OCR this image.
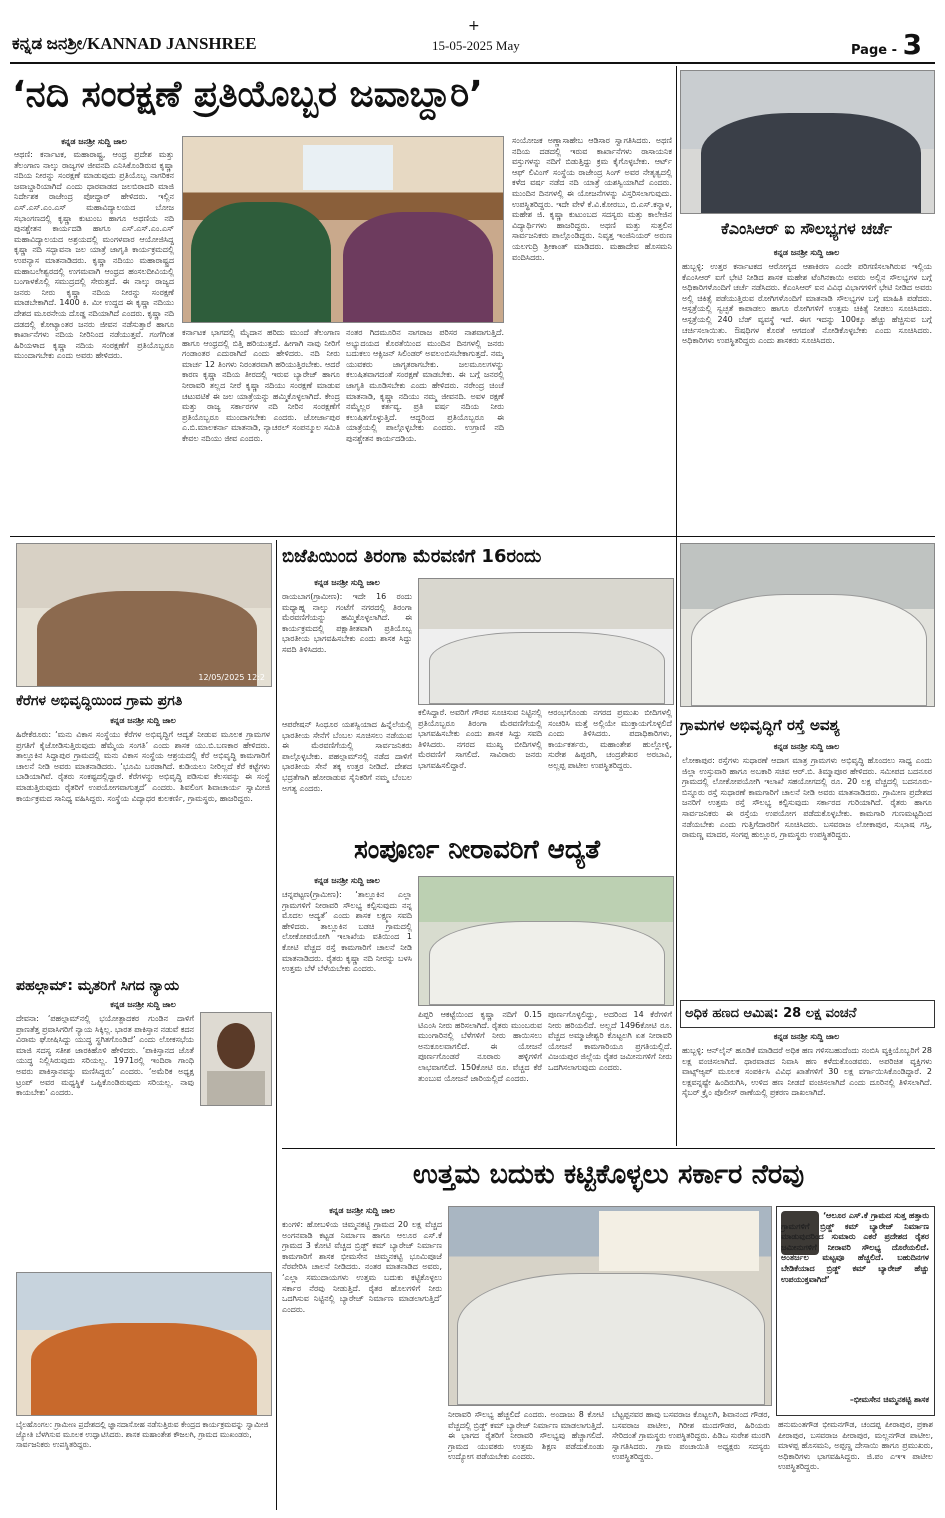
ಕನ್ನಡ ಜನಶ್ರೀ/KANNAD JANSHREE
+
15-05-2025 May	Page - 3
‘ನದಿ ಸಂರಕ್ಷಣೆ ಪ್ರತಿಯೊಬ್ಬರ ಜವಾಬ್ದಾರಿ’
ಕನ್ನಡ ಜನಶ್ರೀ ಸುದ್ದಿ ಜಾಲ
ಆಥಣಿ: ಕರ್ನಾಟಕ, ಮಹಾರಾಷ್ಟ್ರ, ಆಂಧ್ರ ಪ್ರದೇಶ ಮತ್ತು ತೆಲಂಗಾಣ ನಾಲ್ಕು ರಾಜ್ಯಗಳ ಜೀವನದಿ ಎನಿಸಿಕೊಂಡಿರುವ ಕೃಷ್ಣಾ ನದಿಯ ನೀರನ್ನು ಸಂರಕ್ಷಣೆ ಮಾಡುವುದು ಪ್ರತಿಯೊಬ್ಬ ನಾಗರಿಕನ ಜವಾಬ್ದಾರಿಯಾಗಿದೆ ಎಂದು ಧಾರವಾಡದ ಜಲಬಿರಾದರಿ ಮಾಜಿ ನಿರ್ದೇಶಕ ರಾಜೇಂದ್ರ ಪೋದ್ದಾರ್ ಹೇಳಿದರು. ಇಲ್ಲಿನ ಎಸ್.ಎಸ್.ಎಂ.ಎಸ್ ಮಹಾವಿದ್ಯಾಲಯದ ಬೋಜ ಸಭಾಂಗಣದಲ್ಲಿ ಕೃಷ್ಣಾ ಕುಟುಂಬ ಹಾಗೂ ಅಥಣಿಯ ನದಿ ಪುನಶ್ಚೇತನ ಕಾರ್ಯದಡಿ ಹಾಗೂ ಎಸ್.ಎಸ್.ಎಂ.ಎಸ್ ಮಹಾವಿದ್ಯಾಲಯದ ಅಶ್ರಯದಲ್ಲಿ ಮಂಗಳವಾರ ಆಯೋಜಿಸಿದ್ದ ಕೃಷ್ಣಾ ನದಿ ಸದ್ಭಾವನಾ ಜಲ ಯಾತ್ರೆ ಜಾಗೃತಿ ಕಾರ್ಯಕ್ರಮದಲ್ಲಿ ಉಪನ್ಯಾಸ ಮಾತನಾಡಿದರು. ಕೃಷ್ಣಾ ನದಿಯು ಮಹಾರಾಷ್ಟ್ರದ ಮಹಾಬಲೇಶ್ವರದಲ್ಲಿ ಉಗಮವಾಗಿ ಆಂಧ್ರದ ಹಂಸಲದೀವಿಯಲ್ಲಿ ಬಂಗಾಳಕೊಲ್ಲಿ ಸಮುದ್ರದಲ್ಲಿ ಸೇರುತ್ತದೆ. ಈ ನಾಲ್ಕು ರಾಜ್ಯದ ಜನರು ನೀರು ಕೃಷ್ಣಾ ನದಿಯ ನೀರನ್ನು ಸಂರಕ್ಷಣೆ ಮಾಡಬೇಕಾಗಿದೆ. 1400 ಕಿ. ಮೀ ಉದ್ದದ ಈ ಕೃಷ್ಣಾ ನದಿಯು ದೇಶದ ಮೂರನೇಯ ದೊಡ್ಡ ನದಿಯಾಗಿದೆ ಎಂದರು. ಕೃಷ್ಣಾ ನದಿ ದಡದಲ್ಲಿ ಕೋಟ್ಯಾಂತರ ಜನರು ಜೀವನ ನಡೆಸುತ್ತಾರೆ ಹಾಗೂ ಕಾರ್ಖಾನೆಗಳು ನದಿಯ ನೀರಿನಿಂದ ನಡೆಯುತ್ತವೆ. ಗಂಗೆಗಿಂತ ಹಿರಿಯಳಾದ ಕೃಷ್ಣಾ ನದಿಯ ಸಂರಕ್ಷಣೆಗೆ ಪ್ರತಿಯೊಬ್ಬರೂ ಮುಂದಾಗಬೇಕು ಎಂದು ಅವರು ಹೇಳಿದರು.
ಕರ್ನಾಟಕ ಭಾಗದಲ್ಲಿ ಮೈದಾನ ಹರಿದು ಮುಂದೆ ತೆಲಂಗಾಣ ಹಾಗೂ ಆಂಧ್ರದಲ್ಲಿ ಬಿತ್ತಿ ಹರಿಯುತ್ತದೆ. ಹೀಗಾಗಿ ನಾವು ನೀರಿಗೆ ಗಂಡಾಂತರ ಎದುರಾಗಿದೆ ಎಂದು ಹೇಳಿದರು. ನದಿ ನೀರು ಮಾರ್ಚ 12 ತಿಂಗಳು ನಿರಂತರವಾಗಿ ಹರಿಯುತ್ತಿರಬೇಕು. ಆದರೆ ಕಾರಣ ಕೃಷ್ಣಾ ನದಿಯ ತೀರದಲ್ಲಿ ಇರುವ ಬ್ಯಾರೇಜ್ ಹಾಗೂ ನೀರಾವರಿ ತಲ್ಲದ ನೀರೆ ಕೃಷ್ಣಾ ನದಿಯು ಸಂರಕ್ಷಣೆ ಮಾಡುವ ಚಟುವಟಿಕೆ ಈ ಜಲ ಯಾತ್ರೆಯನ್ನು ಹಮ್ಮಿಕೊಳ್ಳಲಾಗಿದೆ. ಕೇಂದ್ರ ಮತ್ತು ರಾಜ್ಯ ಸರ್ಕಾರಗಳ ನದಿ ನೀರಿನ ಸಂರಕ್ಷಣೆಗೆ ಪ್ರತಿಯೊಬ್ಬರೂ ಮುಂದಾಗಬೇಕು ಎಂದರು. ಜೋರ್ಜಾಪುರ ಎ.ಬಿ.ಮಾಲಕರ್ನಾ ಮಾತನಾಡಿ, ನ್ಯಾಚರಲ್ ಸಂಪನ್ಮೂಲ ಸಮಿತಿ ಕೇವಲ ನದಿಯು ಜೀವ ಎಂದರು.
ನಂತರ ಗಿದಮೂರಿನ ನಾಗರಾಜ ಪರಿಸರ ನಾಶವಾಗುತ್ತಿದೆ. ಅಭ್ಯುದಯದ ಕೊರತೆಯಿಂದ ಮುಂದಿನ ದಿನಗಳಲ್ಲಿ ಜನರು ಬದುಕಲು ಆಕ್ಸಿಜನ್ ಸಿಲಿಂಡರ್ ಅವಲಂಬಿಸಬೇಕಾಗುತ್ತದೆ. ನಮ್ಮ ಯುವಕರು ಜಾಗೃತರಾಗಬೇಕು. ಜಲಮೂಲಗಳನ್ನು ಕಲುಷಿತವಾಗದಂತೆ ಸಂರಕ್ಷಣೆ ಮಾಡಬೇಕು. ಈ ಬಗ್ಗೆ ಜನರಲ್ಲಿ ಜಾಗೃತಿ ಮೂಡಿಸಬೇಕು ಎಂದು ಹೇಳಿದರು. ನರೇಂದ್ರ ಚಿಂಚೆ ಮಾತನಾಡಿ, ಕೃಷ್ಣಾ ನದಿಯು ನಮ್ಮ ಜೀವನದಿ. ಅವಳ ರಕ್ಷಣೆ ನಮ್ಮೆಲ್ಲರ ಕರ್ತವ್ಯ. ಪ್ರತಿ ವರ್ಷ ನದಿಯ ನೀರು ಕಲುಷಿತಗೊಳ್ಳುತ್ತಿದೆ. ಆದ್ದರಿಂದ ಪ್ರತಿಯೊಬ್ಬರೂ ಈ ಯಾತ್ರೆಯಲ್ಲಿ ಪಾಲ್ಗೊಳ್ಳಬೇಕು ಎಂದರು. ಉಗ್ರಾಣಿ ನದಿ ಪುನಶ್ಚೇತನ ಕಾರ್ಯದಡಿಯ.
ಸಂಯೋಜಕ ಅಣ್ಣಾಸಾಹೇಬ ಆಡಿಸಾರ ಸ್ವಾಗತಿಸಿದರು. ಅಥಣಿ ನದಿಯ ದಡದಲ್ಲಿ ಇರುವ ಕಾರ್ಖಾನೆಗಳು ರಾಸಾಯನಿಕ ವಸ್ತುಗಳನ್ನು ನದಿಗೆ ಬಿಡುತ್ತಿದ್ದು ಕ್ರಮ ಕೈಗೊಳ್ಳಬೇಕು. ಆರ್ಟ್ ಆಫ್ ಲಿವಿಂಗ್ ಸಂಸ್ಥೆಯ ರಾಜೇಂದ್ರ ಸಿಂಗ್ ಅವರ ನೇತೃತ್ವದಲ್ಲಿ ಕಳೆದ ವರ್ಷ ನಡೆದ ನದಿ ಯಾತ್ರೆ ಯಶಸ್ವಿಯಾಗಿದೆ ಎಂದರು. ಮುಂದಿನ ದಿನಗಳಲ್ಲಿ ಈ ಯೋಜನೆಗಳನ್ನು ವಿಸ್ತರಿಸಲಾಗುವುದು. ಉಪಸ್ಥಿತರಿದ್ದರು. ಇದೇ ವೇಳೆ ಕೆ.ವಿ.ಕೋರಬು, ಬಿ.ಎಸ್.ಕನ್ನಾಳ, ಮಹೇಶ ಜಿ. ಕೃಷ್ಣಾ ಕುಟುಂಬದ ಸದಸ್ಯರು ಮತ್ತು ಕಾಲೇಜಿನ ವಿದ್ಯಾರ್ಥಿಗಳು ಹಾಜರಿದ್ದರು. ಅಥಣಿ ಮತ್ತು ಸುತ್ತಲಿನ ಸಾರ್ವಜನಿಕರು ಪಾಲ್ಗೊಂಡಿದ್ದರು. ನಿವೃತ್ತ ಇಂಜಿನಿಯರ್ ಅರುಣ ಯಲಗುದ್ರಿ ಶ್ರೀಕಾಂತ್ ಮಾಡಿದರು. ಮಹಾದೇವ ಹೊಸಮನಿ ವಂದಿಸಿದರು.
ಕೆಎಂಸಿಆರ್ ಐ ಸೌಲಭ್ಯಗಳ ಚರ್ಚೆ
ಕನ್ನಡ ಜನಶ್ರೀ ಸುದ್ದಿ ಜಾಲ
ಹುಬ್ಬಳ್ಳಿ: ಉತ್ತರ ಕರ್ನಾಟಕದ ಆರೋಗ್ಯದ ಆಶಾಕಿರಣ ಎಂದೇ ಪರಿಗಣಿಸಲಾಗಿರುವ ಇಲ್ಲಿಯ ಕೆಎಂಸಿಆರ್ ಐಗೆ ಭೇಟಿ ನೀಡಿದ ಶಾಸಕ ಮಹೇಶ ಟೆಂಗಿನಕಾಯಿ ಅವರು ಅಲ್ಲಿನ ಸೌಲಭ್ಯಗಳ ಬಗ್ಗೆ ಅಧಿಕಾರಿಗಳೊಂದಿಗೆ ಚರ್ಚೆ ನಡೆಸಿದರು. ಕೆಎಂಸಿಆರ್ ಐನ ವಿವಿಧ ವಿಭಾಗಗಳಿಗೆ ಭೇಟಿ ನೀಡಿದ ಅವರು ಅಲ್ಲಿ ಚಿಕಿತ್ಸೆ ಪಡೆಯುತ್ತಿರುವ ರೋಗಿಗಳೊಂದಿಗೆ ಮಾತನಾಡಿ ಸೌಲಭ್ಯಗಳ ಬಗ್ಗೆ ಮಾಹಿತಿ ಪಡೆದರು. ಆಸ್ಪತ್ರೆಯಲ್ಲಿ ಸ್ವಚ್ಛತೆ ಕಾಪಾಡಲು ಹಾಗೂ ರೋಗಿಗಳಿಗೆ ಉತ್ತಮ ಚಿಕಿತ್ಸೆ ನೀಡಲು ಸೂಚಿಸಿದರು. ಆಸ್ಪತ್ರೆಯಲ್ಲಿ 240 ಬೆಡ್ ವ್ಯವಸ್ಥೆ ಇದೆ. ಈಗ ಇದನ್ನು 100ಕ್ಕೂ ಹೆಚ್ಚು ಹೆಚ್ಚಿಸುವ ಬಗ್ಗೆ ಚರ್ಚಿಸಲಾಯಿತು. ಔಷಧಿಗಳ ಕೊರತೆ ಆಗದಂತೆ ನೋಡಿಕೊಳ್ಳಬೇಕು ಎಂದು ಸೂಚಿಸಿದರು. ಅಧಿಕಾರಿಗಳು ಉಪಸ್ಥಿತರಿದ್ದರು ಎಂದು ಶಾಸಕರು ಸೂಚಿಸಿದರು.
12/05/2025 12:2
ಕೆರೆಗಳ ಅಭಿವೃದ್ಧಿಯಿಂದ ಗ್ರಾಮ ಪ್ರಗತಿ
ಕನ್ನಡ ಜನಶ್ರೀ ಸುದ್ದಿ ಜಾಲ
ಹಿರೇಕೆರೂರು: ‘ಮನು ವಿಕಾಸ ಸಂಸ್ಥೆಯು ಕೆರೆಗಳ ಅಭಿವೃದ್ಧಿಗೆ ಆದ್ಯತೆ ನೀಡುವ ಮೂಲಕ ಗ್ರಾಮಗಳ ಪ್ರಗತಿಗೆ ಕೈಜೋಡಿಸುತ್ತಿರುವುದು ಹೆಮ್ಮೆಯ ಸಂಗತಿ’ ಎಂದು ಶಾಸಕ ಯು.ಬಿ.ಬಣಕಾರ ಹೇಳಿದರು. ತಾಲ್ಲೂಕಿನ ಸಿದ್ದಾಪುರ ಗ್ರಾಮದಲ್ಲಿ ಮನು ವಿಕಾಸ ಸಂಸ್ಥೆಯ ಆಶ್ರಯದಲ್ಲಿ ಕೆರೆ ಅಭಿವೃದ್ಧಿ ಕಾಮಗಾರಿಗೆ ಚಾಲನೆ ನೀಡಿ ಅವರು ಮಾತನಾಡಿದರು. ‘ಭೂಮಿ ಬರಡಾಗಿದೆ. ಕುಡಿಯಲು ನೀರಿಲ್ಲದೆ ಕೆರೆ ಕಟ್ಟೆಗಳು ಬಾಡಿಯಾಗಿವೆ. ರೈತರು ಸಂಕಷ್ಟದಲ್ಲಿದ್ದಾರೆ. ಕೆರೆಗಳನ್ನು ಅಭಿವೃದ್ಧಿ ಪಡಿಸುವ ಕೆಲಸವನ್ನು ಈ ಸಂಸ್ಥೆ ಮಾಡುತ್ತಿರುವುದು ರೈತರಿಗೆ ಉಪಯೋಗವಾಗುತ್ತದೆ’ ಎಂದರು. ಶಿವಲಿಂಗ ಶಿವಾಚಾರ್ಯ ಸ್ವಾಮೀಜಿ ಕಾರ್ಯಕ್ರಮದ ಸಾನಿಧ್ಯ ವಹಿಸಿದ್ದರು. ಸಂಸ್ಥೆಯ ವಿದ್ಯಾಧರ ಕುಲಕರ್ಣಿ, ಗ್ರಾಮಸ್ಥರು, ಹಾಜರಿದ್ದರು.
ಪಹಲ್ಗಾಮ್: ಮೃತರಿಗೆ ಸಿಗದ ನ್ಯಾಯ
ಕನ್ನಡ ಜನಶ್ರೀ ಸುದ್ದಿ ಜಾಲ
ದೇವನಾ: ‘ಪಹಲ್ಗಾಮ್‌ನಲ್ಲಿ ಭಯೋತ್ಪಾದಕರ ಗುಂಡಿನ ದಾಳಿಗೆ ಪ್ರಾಣತೆತ್ತ ಪ್ರವಾಸಿಗರಿಗೆ ನ್ಯಾಯ ಸಿಕ್ಕಿಲ್ಲ. ಭಾರತ ಪಾಕಿಸ್ತಾನ ನಡುವೆ ಕದನ ವಿರಾಮ ಘೋಷಿಸಿದ್ದು ಯುದ್ಧ ಸ್ಥಗಿತಗೊಂಡಿದೆ’ ಎಂದು ಲೋಕಸಭೆಯ ಮಾಜಿ ಸದಸ್ಯ ಸತೀಶ ಜಾರಕಿಹೊಳಿ ಹೇಳಿದರು. ‘ಪಾಕಿಸ್ತಾನದ ಜೊತೆ ಯುದ್ಧ ನಿಲ್ಲಿಸಿರುವುದು ಸರಿಯಲ್ಲ. 1971ರಲ್ಲಿ ಇಂದಿರಾ ಗಾಂಧಿ ಅವರು ಪಾಕಿಸ್ತಾನವನ್ನು ಮಣಿಸಿದ್ದರು’ ಎಂದರು. ‘ಅಮೆರಿಕ ಅಧ್ಯಕ್ಷ ಟ್ರಂಪ್ ಅವರ ಮಧ್ಯಸ್ಥಿಕೆ ಒಪ್ಪಿಕೊಂಡಿರುವುದು ಸರಿಯಲ್ಲ. ನಾವು ಕಾಯಬೇಕು’ ಎಂದರು.
ಬೈಲಹೊಂಗಲ: ಗ್ರಾಮೀಣ ಪ್ರದೇಶದಲ್ಲಿ ಜ್ಞಾನದಾಸೋಹ ನಡೆಸುತ್ತಿರುವ ಕೇಂದ್ರದ ಕಾರ್ಯಕ್ರಮವನ್ನು ಸ್ವಾಮೀಜಿ ಜ್ಯೋತಿ ಬೆಳಗಿಸುವ ಮೂಲಕ ಉದ್ಘಾಟಿಸಿದರು. ಶಾಸಕ ಮಹಾಂತೇಶ ಕೌಜಲಗಿ, ಗ್ರಾಮದ ಮುಖಂಡರು, ಸಾರ್ವಜನಿಕರು ಉಪಸ್ಥಿತರಿದ್ದರು.
ಬಿಜೆಪಿಯಿಂದ ತಿರಂಗಾ ಮೆರವಣಿಗೆ 16ರಂದು
ಕನ್ನಡ ಜನಶ್ರೀ ಸುದ್ದಿ ಜಾಲ
ರಾಯಬಾಗ(ಗ್ರಾಮೀಣ): ಇದೇ 16 ರಂದು ಮಧ್ಯಾಹ್ನ ನಾಲ್ಕು ಗಂಟೆಗೆ ನಗರದಲ್ಲಿ ತಿರಂಗಾ ಮೆರವಣಿಗೆಯನ್ನು ಹಮ್ಮಿಕೊಳ್ಳಲಾಗಿದೆ. ಈ ಕಾರ್ಯಕ್ರಮದಲ್ಲಿ ಪಕ್ಷಾತೀತವಾಗಿ ಪ್ರತಿಯೊಬ್ಬ ಭಾರತೀಯ ಭಾಗವಹಿಸಬೇಕು ಎಂದು ಶಾಸಕ ಸಿದ್ದು ಸವದಿ ತಿಳಿಸಿದರು.
ಆಪರೇಷನ್ ಸಿಂಧೂರ ಯಶಸ್ವಿಯಾದ ಹಿನ್ನೆಲೆಯಲ್ಲಿ ಭಾರತೀಯ ಸೇನೆಗೆ ಬೆಂಬಲ ಸೂಚಿಸಲು ನಡೆಯುವ ಈ ಮೆರವಣಿಗೆಯಲ್ಲಿ ಸಾರ್ವಜನಿಕರು ಪಾಲ್ಗೊಳ್ಳಬೇಕು. ಪಹಲ್ಗಾಮ್‌ನಲ್ಲಿ ನಡೆದ ದಾಳಿಗೆ ಭಾರತೀಯ ಸೇನೆ ತಕ್ಕ ಉತ್ತರ ನೀಡಿದೆ. ದೇಶದ ಭದ್ರತೆಗಾಗಿ ಹೋರಾಡುವ ಸೈನಿಕರಿಗೆ ನಮ್ಮ ಬೆಂಬಲ ಅಗತ್ಯ ಎಂದರು.
ಕಲಿಸಿದ್ದಾರೆ. ಅವರಿಗೆ ಗೌರವ ಸೂಚಿಸುವ ನಿಟ್ಟಿನಲ್ಲಿ ಪ್ರತಿಯೊಬ್ಬರೂ ತಿರಂಗಾ ಮೆರವಣಿಗೆಯಲ್ಲಿ ಭಾಗವಹಿಸಬೇಕು ಎಂದು ಶಾಸಕ ಸಿದ್ದು ಸವದಿ ತಿಳಿಸಿದರು. ನಗರದ ಮುಖ್ಯ ಬೀದಿಗಳಲ್ಲಿ ಮೆರವಣಿಗೆ ಸಾಗಲಿದೆ. ಸಾವಿರಾರು ಜನರು ಭಾಗವಹಿಸಲಿದ್ದಾರೆ.
ಆರಂಭಗೊಂಡು ನಗರದ ಪ್ರಮುಖ ಬೀದಿಗಳಲ್ಲಿ ಸಂಚರಿಸಿ ಮತ್ತೆ ಅಲ್ಲಿಯೇ ಮುಕ್ತಾಯಗೊಳ್ಳಲಿದೆ ಎಂದು ತಿಳಿಸಿದರು. ಪದಾಧಿಕಾರಿಗಳು, ಕಾರ್ಯಕರ್ತರು, ಮಹಾಂತೇಶ ಹುಲ್ಲೋಳ್ಳಿ, ಸುರೇಶ ಹಿಪ್ಪರಗಿ, ಚಂದ್ರಶೇಖರ ಅರಬಾವಿ, ಅಲ್ಲಪ್ಪ ಪಾಟೀಲ ಉಪಸ್ಥಿತರಿದ್ದರು.
ಗ್ರಾಮಗಳ ಅಭಿವೃದ್ಧಿಗೆ ರಸ್ತೆ ಅವಶ್ಯ
ಕನ್ನಡ ಜನಶ್ರೀ ಸುದ್ದಿ ಜಾಲ
ಲೋಕಾಪುರ: ರಸ್ತೆಗಳು ಸುಧಾರಣೆ ಆದಾಗ ಮಾತ್ರ ಗ್ರಾಮಗಳು ಅಭಿವೃದ್ಧಿ ಹೊಂದಲು ಸಾಧ್ಯ ಎಂದು ಜಿಲ್ಲಾ ಉಸ್ತುವಾರಿ ಹಾಗೂ ಅಬಕಾರಿ ಸಚಿವ ಆರ್.ಬಿ. ತಿಮ್ಮಾಪೂರ ಹೇಳಿದರು. ಸಮೀಪದ ಬದನೂರ ಗ್ರಾಮದಲ್ಲಿ ಲೋಕೋಪಯೋಗಿ ಇಲಾಖೆ ಸಹಯೋಗದಲ್ಲಿ ರೂ. 20 ಲಕ್ಷ ವೆಚ್ಚದಲ್ಲಿ ಬದನೂರು-ಬಿನ್ನೂರು ರಸ್ತೆ ಸುಧಾರಣೆ ಕಾಮಗಾರಿಗೆ ಚಾಲನೆ ನೀಡಿ ಅವರು ಮಾತನಾಡಿದರು. ಗ್ರಾಮೀಣ ಪ್ರದೇಶದ ಜನರಿಗೆ ಉತ್ತಮ ರಸ್ತೆ ಸೌಲಭ್ಯ ಕಲ್ಪಿಸುವುದು ಸರ್ಕಾರದ ಗುರಿಯಾಗಿದೆ. ರೈತರು ಹಾಗೂ ಸಾರ್ವಜನಿಕರು ಈ ರಸ್ತೆಯ ಉಪಯೋಗ ಪಡೆದುಕೊಳ್ಳಬೇಕು. ಕಾಮಗಾರಿ ಗುಣಮಟ್ಟದಿಂದ ನಡೆಯಬೇಕು ಎಂದು ಗುತ್ತಿಗೆದಾರರಿಗೆ ಸೂಚಿಸಿದರು. ಬಸವರಾಜ ಲೋಕಾಪುರ, ಸುಭಾಷ ಗಸ್ತಿ, ರಾಮಣ್ಣ ಮಾದರ, ಸಂಗಪ್ಪ ಹುಲ್ಲೂರ, ಗ್ರಾಮಸ್ಥರು ಉಪಸ್ಥಿತರಿದ್ದರು.
ಸಂಪೂರ್ಣ ನೀರಾವರಿಗೆ ಆದ್ಯತೆ
ಕನ್ನಡ ಜನಶ್ರೀ ಸುದ್ದಿ ಜಾಲ
ಚನ್ನಪಟ್ಟಣ(ಗ್ರಾಮೀಣ): ‘ತಾಲ್ಲೂಕಿನ ಎಲ್ಲಾ ಗ್ರಾಮಗಳಿಗೆ ನೀರಾವರಿ ಸೌಲಭ್ಯ ಕಲ್ಪಿಸುವುದು ನನ್ನ ಮೊದಲ ಆದ್ಯತೆ’ ಎಂದು ಶಾಸಕ ಲಕ್ಷ್ಮಣ ಸವದಿ ಹೇಳಿದರು. ತಾಲ್ಲೂಕಿನ ಬಡಚಿ ಗ್ರಾಮದಲ್ಲಿ ಲೋಕೋಪಯೋಗಿ ಇಲಾಖೆಯ ವತಿಯಿಂದ 1 ಕೋಟಿ ವೆಚ್ಚದ ರಸ್ತೆ ಕಾಮಗಾರಿಗೆ ಚಾಲನೆ ನೀಡಿ ಮಾತನಾಡಿದರು. ರೈತರು ಕೃಷ್ಣಾ ನದಿ ನೀರನ್ನು ಬಳಸಿ ಉತ್ತಮ ಬೆಳೆ ಬೆಳೆಯಬೇಕು ಎಂದರು.
ಪಿಪ್ಪರಿ ಆಕಟ್ಟೆಯಿಂದ ಕೃಷ್ಣಾ ನದಿಗೆ 0.15 ಟಿಎಂಸಿ ನೀರು ಹರಿಸಲಾಗಿದೆ. ರೈತರು ಮುಂಬರುವ ಮುಂಗಾರಿನಲ್ಲಿ ಬೆಳೆಗಳಿಗೆ ನೀರು ಹಾಯಿಸಲು ಅನುಕೂಲವಾಗಲಿದೆ. ಈ ಯೋಜನೆ ಪೂರ್ಣಗೊಂಡರೆ ನೂರಾರು ಹಳ್ಳಿಗಳಿಗೆ ಲಾಭವಾಗಲಿದೆ. 150ಕೋಟಿ ರೂ. ವೆಚ್ಚದ ಕೆರೆ ತುಂಬುವ ಯೋಜನೆ ಜಾರಿಯಲ್ಲಿದೆ ಎಂದರು.
ಪೂರ್ಣಗೊಳ್ಳಲಿದ್ದು, ಅದರಿಂದ 14 ಕೆರೆಗಳಿಗೆ ನೀರು ಹರಿಯಲಿದೆ. ಅಲ್ಲದೆ 1496ಕೋಟಿ ರೂ. ವೆಚ್ಚದ ಅಮ್ಮಾಜೇಶ್ವರಿ ಕೊಟ್ಟಲಗಿ ಏತ ನೀರಾವರಿ ಯೋಜನೆ ಕಾಮಗಾರಿಯೂ ಪ್ರಗತಿಯಲ್ಲಿದೆ. ವಿಜಯಪುರ ಜಿಲ್ಲೆಯ ರೈತರ ಜಮೀನುಗಳಿಗೆ ನೀರು ಒದಗಿಸಲಾಗುವುದು ಎಂದರು.
ಅಧಿಕ ಹಣದ ಆಮಿಷ: 28 ಲಕ್ಷ ವಂಚನೆ
ಕನ್ನಡ ಜನಶ್ರೀ ಸುದ್ದಿ ಜಾಲ
ಹುಬ್ಬಳ್ಳಿ: ಆನ್‌ಲೈನ್ ಹೂಡಿಕೆ ಮಾಡಿದರೆ ಅಧಿಕ ಹಣ ಗಳಿಸಬಹುದೆಂದು ನಂಬಿಸಿ ವ್ಯಕ್ತಿಯೊಬ್ಬರಿಗೆ 28 ಲಕ್ಷ ವಂಚಿಸಲಾಗಿದೆ. ಧಾರವಾಡದ ನಿವಾಸಿ ಹಣ ಕಳೆದುಕೊಂಡವರು. ಅಪರಿಚಿತ ವ್ಯಕ್ತಿಗಳು ವಾಟ್ಸ್‌ಆ್ಯಪ್ ಮೂಲಕ ಸಂಪರ್ಕಿಸಿ ವಿವಿಧ ಖಾತೆಗಳಿಗೆ 30 ಲಕ್ಷ ವರ್ಗಾಯಿಸಿಕೊಂಡಿದ್ದಾರೆ. 2 ಲಕ್ಷವನ್ನಷ್ಟೇ ಹಿಂದಿರುಗಿಸಿ, ಉಳಿದ ಹಣ ನೀಡದೆ ವಂಚಿಸಲಾಗಿದೆ ಎಂದು ದೂರಿನಲ್ಲಿ ತಿಳಿಸಲಾಗಿದೆ. ಸೈಬರ್ ಕ್ರೈಂ ಪೊಲೀಸ್ ಠಾಣೆಯಲ್ಲಿ ಪ್ರಕರಣ ದಾಖಲಾಗಿದೆ.
ಉತ್ತಮ ಬದುಕು ಕಟ್ಟಿಕೊಳ್ಳಲು ಸರ್ಕಾರ ನೆರವು
ಕನ್ನಡ ಜನಶ್ರೀ ಸುದ್ದಿ ಜಾಲ
ಕುಂಗಳಿ: ಹೋಬಳಿಯ ಚಿಮ್ಮನಕಟ್ಟಿ ಗ್ರಾಮದ 20 ಲಕ್ಷ ವೆಚ್ಚದ ಅಂಗನವಾಡಿ ಕಟ್ಟಡ ನಿರ್ಮಾಣ ಹಾಗೂ ಆಲೂರ ಎಸ್.ಕೆ ಗ್ರಾಮದ 3 ಕೋಟಿ ವೆಚ್ಚದ ಬ್ರಿಡ್ಜ್ ಕಮ್ ಬ್ಯಾರೇಜ್ ನಿರ್ಮಾಣ ಕಾಮಗಾರಿಗೆ ಶಾಸಕ ಭೀಮಸೇನ ಚಿಮ್ಮನಕಟ್ಟಿ ಭೂಮಿಪೂಜೆ ನೆರವೇರಿಸಿ ಚಾಲನೆ ನೀಡಿದರು. ನಂತರ ಮಾತನಾಡಿದ ಅವರು, ‘ಎಲ್ಲಾ ಸಮುದಾಯಗಳು ಉತ್ತಮ ಬದುಕು ಕಟ್ಟಿಕೊಳ್ಳಲು ಸರ್ಕಾರ ನೆರವು ನೀಡುತ್ತಿದೆ. ರೈತರ ಹೊಲಗಳಿಗೆ ನೀರು ಒದಗಿಸುವ ನಿಟ್ಟಿನಲ್ಲಿ ಬ್ಯಾರೇಜ್ ನಿರ್ಮಾಣ ಮಾಡಲಾಗುತ್ತಿದೆ’ ಎಂದರು.
ನೀರಾವರಿ ಸೌಲಭ್ಯ ಹೆಚ್ಚಲಿದೆ ಎಂದರು. ಅಂದಾಜು 8 ಕೋಟಿ ವೆಚ್ಚದಲ್ಲಿ ಬ್ರಿಡ್ಜ್ ಕಮ್ ಬ್ಯಾರೇಜ್ ನಿರ್ಮಾಣ ಮಾಡಲಾಗುತ್ತಿದೆ. ಈ ಭಾಗದ ರೈತರಿಗೆ ನೀರಾವರಿ ಸೌಲಭ್ಯವು ಹೆಚ್ಚಾಗಲಿದೆ. ಗ್ರಾಮದ ಯುವಕರು ಉತ್ತಮ ಶಿಕ್ಷಣ ಪಡೆದುಕೊಂಡು ಉದ್ಯೋಗ ಪಡೆಯಬೇಕು ಎಂದರು.
ಬೆಟ್ಟಪ್ಪನವರ ಹಾವು ಬಸವರಾಜ ಕೊಟ್ಟಲಗಿ, ಶಿವಾನಂದ ಗೌಡರ, ಬಸವರಾಜ ಪಾಟೀಲ, ಗಿರೀಶ ಮುದಗೌಡರ, ಹಿರಿಯರು ಸೇರಿದಂತೆ ಗ್ರಾಮಸ್ಥರು ಉಪಸ್ಥಿತರಿದ್ದರು. ಪಿಡಿಒ ಸುರೇಶ ಮುರಗಿ ಸ್ವಾಗತಿಸಿದರು. ಗ್ರಾಮ ಪಂಚಾಯಿತಿ ಅಧ್ಯಕ್ಷರು ಸದಸ್ಯರು ಉಪಸ್ಥಿತರಿದ್ದರು.
‘ಆಲೂರ ಎಸ್.ಕೆ ಗ್ರಾಮದ ಸುತ್ತ ಹತ್ತಾರು ಗ್ರಾಮಗಳಿಗೆ ಬ್ರಿಡ್ಜ್ ಕಮ್ ಬ್ಯಾರೇಜ್ ನಿರ್ಮಾಣ ಮಾಡುವುದರಿಂದ ಸುಮಾರು ಎಕರೆ ಪ್ರದೇಶದ ರೈತರ ಜಮೀನುಗಳಿಗೆ ನೀರಾವರಿ ಸೌಲಭ್ಯ ದೊರೆಯಲಿದೆ. ಅಂತರ್ಜಲ ಮಟ್ಟವೂ ಹೆಚ್ಚಲಿದೆ. ಬಹುದಿನಗಳ ಬೇಡಿಕೆಯಾದ ಬ್ರಿಡ್ಜ್ ಕಮ್ ಬ್ಯಾರೇಜ್ ಹೆಚ್ಚು ಉಪಯುಕ್ತವಾಗಿದೆ’
–ಭೀಮಸೇನ ಚಿಮ್ಮನಕಟ್ಟಿ ಶಾಸಕ
ಹನುಮಂತಗೌಡ ಭೀಮನಗೌಡ, ಚಂದಪ್ಪ ಪೀರಾಪುರ, ಪ್ರಕಾಶ ಪೀರಾಪುರ, ಬಸವರಾಜ ಪೀರಾಪುರ, ಮಲ್ಲನಗೌಡ ಪಾಟೀಲ, ಮಾಳಪ್ಪ ಹೊಸಮನಿ, ಅಪ್ಪಣ್ಣ ದೇಸಾಯಿ ಹಾಗೂ ಪ್ರಮುಖರು, ಅಧಿಕಾರಿಗಳು ಭಾಗವಹಿಸಿದ್ದರು. ಜಿ.ಪಂ ಎಇಇ ಪಾಟೀಲ ಉಪಸ್ಥಿತರಿದ್ದರು.
